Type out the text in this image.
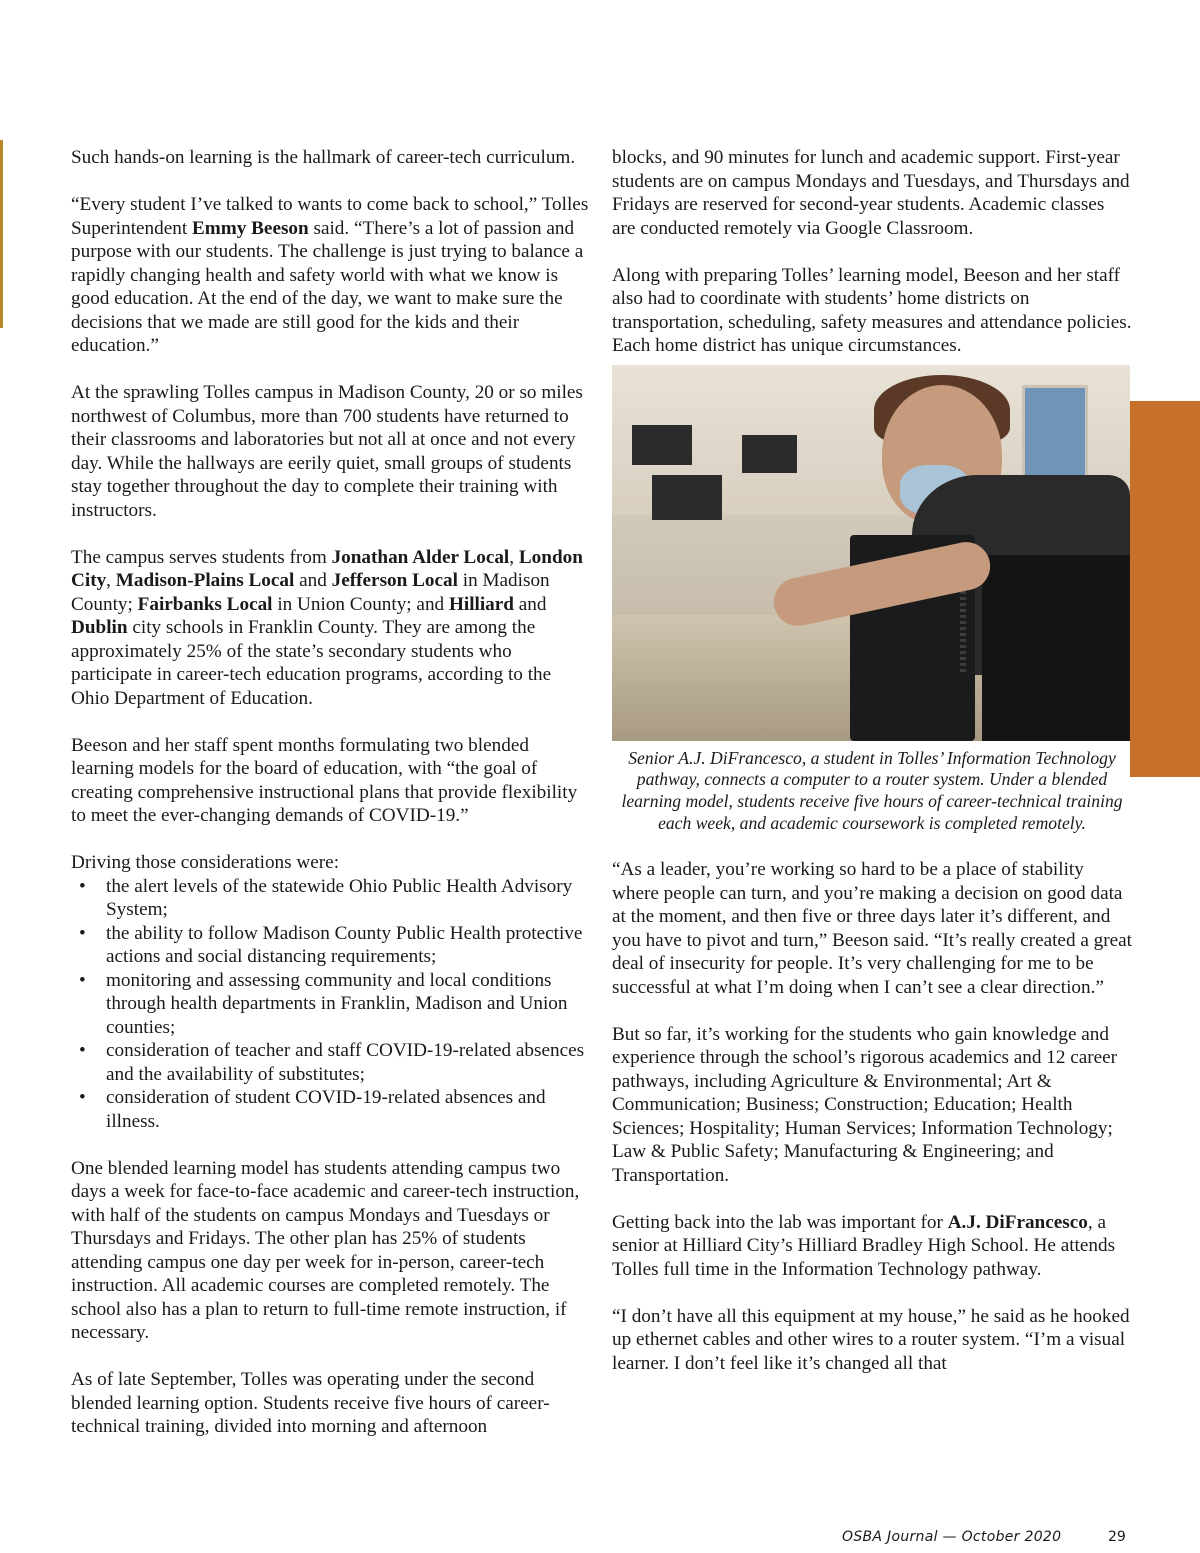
Such hands-on learning is the hallmark of career-tech curriculum.

“Every student I’ve talked to wants to come back to school,” Tolles Superintendent Emmy Beeson said. “There’s a lot of passion and purpose with our students. The challenge is just trying to balance a rapidly changing health and safety world with what we know is good education. At the end of the day, we want to make sure the decisions that we made are still good for the kids and their education.”

At the sprawling Tolles campus in Madison County, 20 or so miles northwest of Columbus, more than 700 students have returned to their classrooms and laboratories but not all at once and not every day. While the hallways are eerily quiet, small groups of students stay together throughout the day to complete their training with instructors.

The campus serves students from Jonathan Alder Local, London City, Madison-Plains Local and Jefferson Local in Madison County; Fairbanks Local in Union County; and Hilliard and Dublin city schools in Franklin County. They are among the approximately 25% of the state’s secondary students who participate in career-tech education programs, according to the Ohio Department of Education.

Beeson and her staff spent months formulating two blended learning models for the board of education, with “the goal of creating comprehensive instructional plans that provide flexibility to meet the ever-changing demands of COVID-19.”

Driving those considerations were:

• the alert levels of the statewide Ohio Public Health Advisory System;
• the ability to follow Madison County Public Health protective actions and social distancing requirements;
• monitoring and assessing community and local conditions through health departments in Franklin, Madison and Union counties;
• consideration of teacher and staff COVID-19-related absences and the availability of substitutes;
• consideration of student COVID-19-related absences and illness.

One blended learning model has students attending campus two days a week for face-to-face academic and career-tech instruction, with half of the students on campus Mondays and Tuesdays or Thursdays and Fridays. The other plan has 25% of students attending campus one day per week for in-person, career-tech instruction. All academic courses are completed remotely. The school also has a plan to return to full-time remote instruction, if necessary.

As of late September, Tolles was operating under the second blended learning option. Students receive five hours of career-technical training, divided into morning and afternoon

blocks, and 90 minutes for lunch and academic support. First-year students are on campus Mondays and Tuesdays, and Thursdays and Fridays are reserved for second-year students. Academic classes are conducted remotely via Google Classroom.

Along with preparing Tolles’ learning model, Beeson and her staff also had to coordinate with students’ home districts on transportation, scheduling, safety measures and attendance policies. Each home district has unique circumstances.

Senior A.J. DiFrancesco, a student in Tolles’ Information Technology pathway, connects a computer to a router system. Under a blended learning model, students receive five hours of career-technical training each week, and academic coursework is completed remotely.

“As a leader, you’re working so hard to be a place of stability where people can turn, and you’re making a decision on good data at the moment, and then five or three days later it’s different, and you have to pivot and turn,” Beeson said. “It’s really created a great deal of insecurity for people. It’s very challenging for me to be successful at what I’m doing when I can’t see a clear direction.”

But so far, it’s working for the students who gain knowledge and experience through the school’s rigorous academics and 12 career pathways, including Agriculture & Environmental; Art & Communication; Business; Construction; Education; Health Sciences; Hospitality; Human Services; Information Technology; Law & Public Safety; Manufacturing & Engineering; and Transportation.

Getting back into the lab was important for A.J. DiFrancesco, a senior at Hilliard City’s Hilliard Bradley High School. He attends Tolles full time in the Information Technology pathway.

“I don’t have all this equipment at my house,” he said as he hooked up ethernet cables and other wires to a router system. “I’m a visual learner. I don’t feel like it’s changed all that

OSBA Journal — October 2020	29
